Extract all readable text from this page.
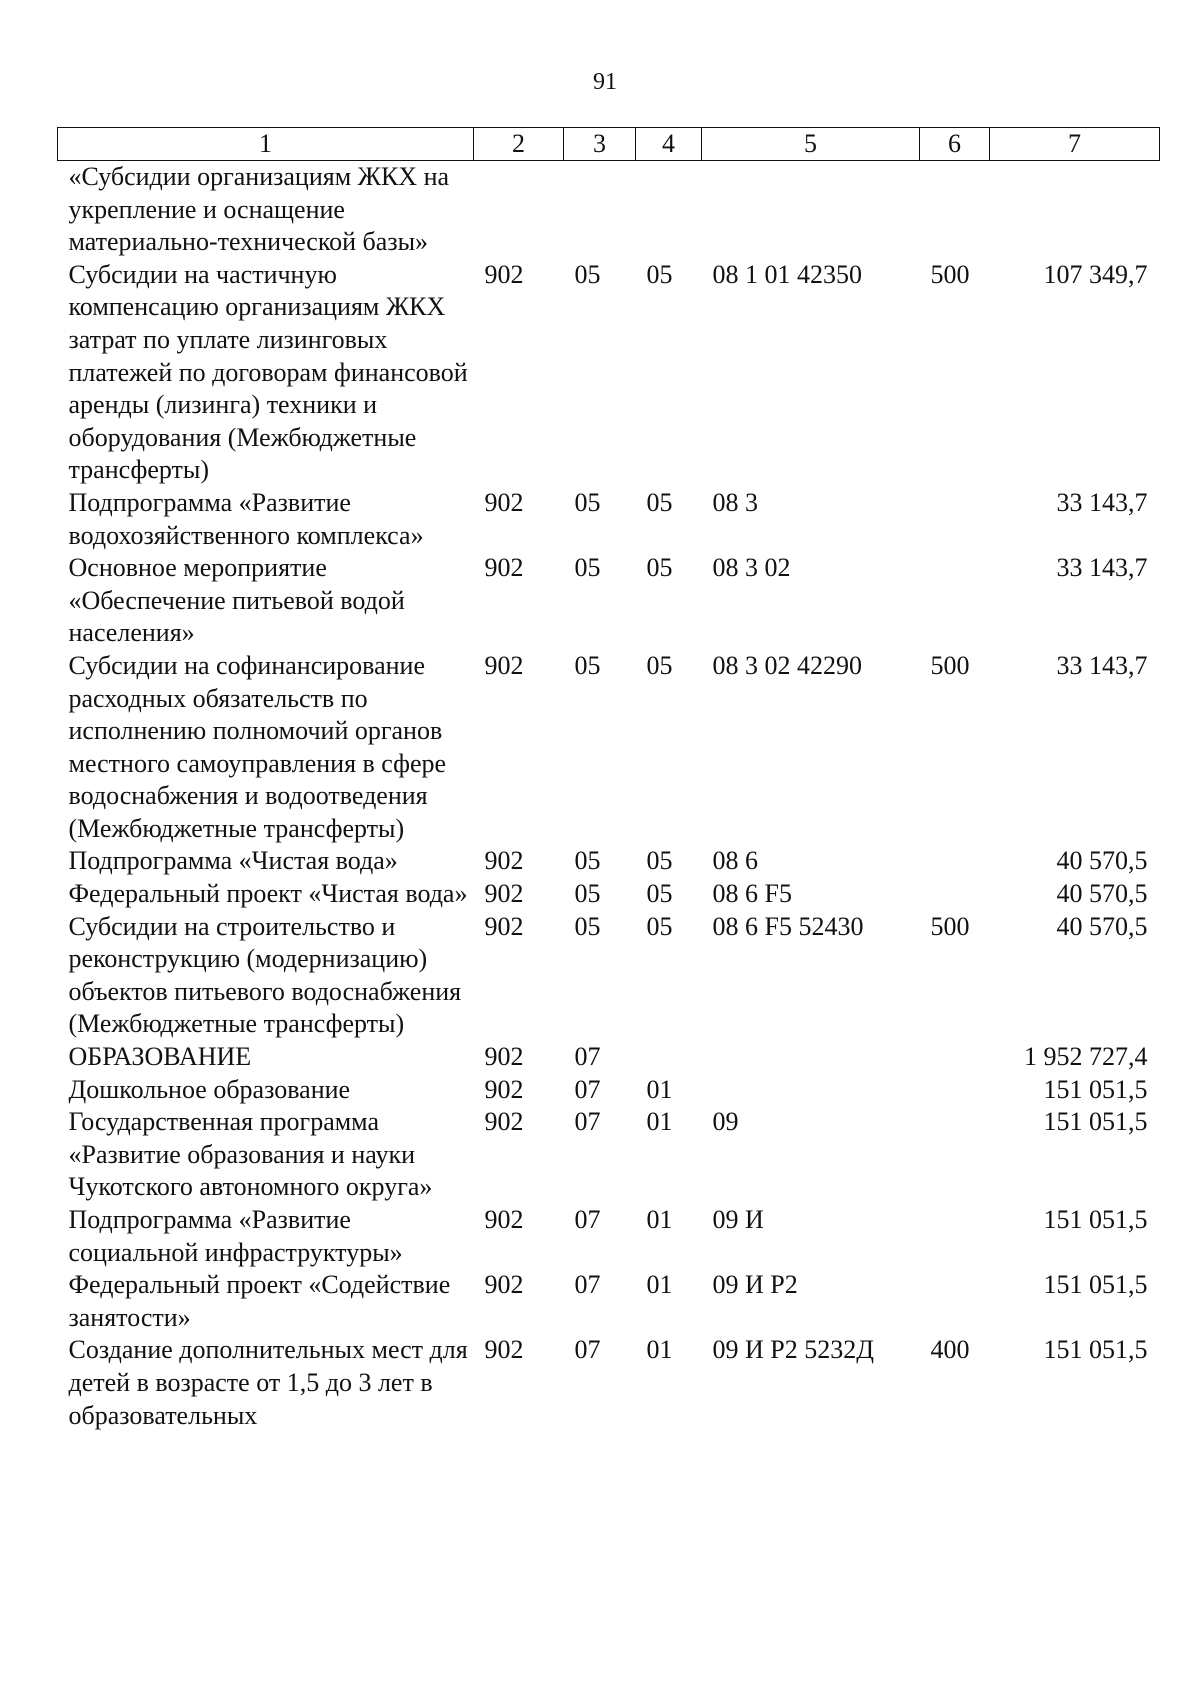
91
1	2	3	4	5	6	7
«Субсидии организациям ЖКХ на укрепление и оснащение материально-технической базы»						
Субсидии на частичную компенсацию организациям ЖКХ затрат по уплате лизинговых платежей по договорам финансовой аренды (лизинга) техники и оборудования (Межбюджетные трансферты)	902	05	05	08 1 01 42350	500	107 349,7
Подпрограмма «Развитие водохозяйственного комплекса»	902	05	05	08 3		33 143,7
Основное мероприятие «Обеспечение питьевой водой населения»	902	05	05	08 3 02		33 143,7
Субсидии на софинансирование расходных обязательств по исполнению полномочий органов местного самоуправления в сфере водоснабжения и водоотведения (Межбюджетные трансферты)	902	05	05	08 3 02 42290	500	33 143,7
Подпрограмма «Чистая вода»	902	05	05	08 6		40 570,5
Федеральный проект «Чистая вода»	902	05	05	08 6 F5		40 570,5
Субсидии на строительство и реконструкцию (модернизацию) объектов питьевого водоснабжения (Межбюджетные трансферты)	902	05	05	08 6 F5 52430	500	40 570,5
ОБРАЗОВАНИЕ	902	07				1 952 727,4
Дошкольное образование	902	07	01			151 051,5
Государственная программа «Развитие образования и науки Чукотского автономного округа»	902	07	01	09		151 051,5
Подпрограмма «Развитие социальной инфраструктуры»	902	07	01	09 И		151 051,5
Федеральный проект «Содействие занятости»	902	07	01	09 И P2		151 051,5
Создание дополнительных мест для детей в возрасте от 1,5 до 3 лет в образовательных	902	07	01	09 И P2 5232Д	400	151 051,5
